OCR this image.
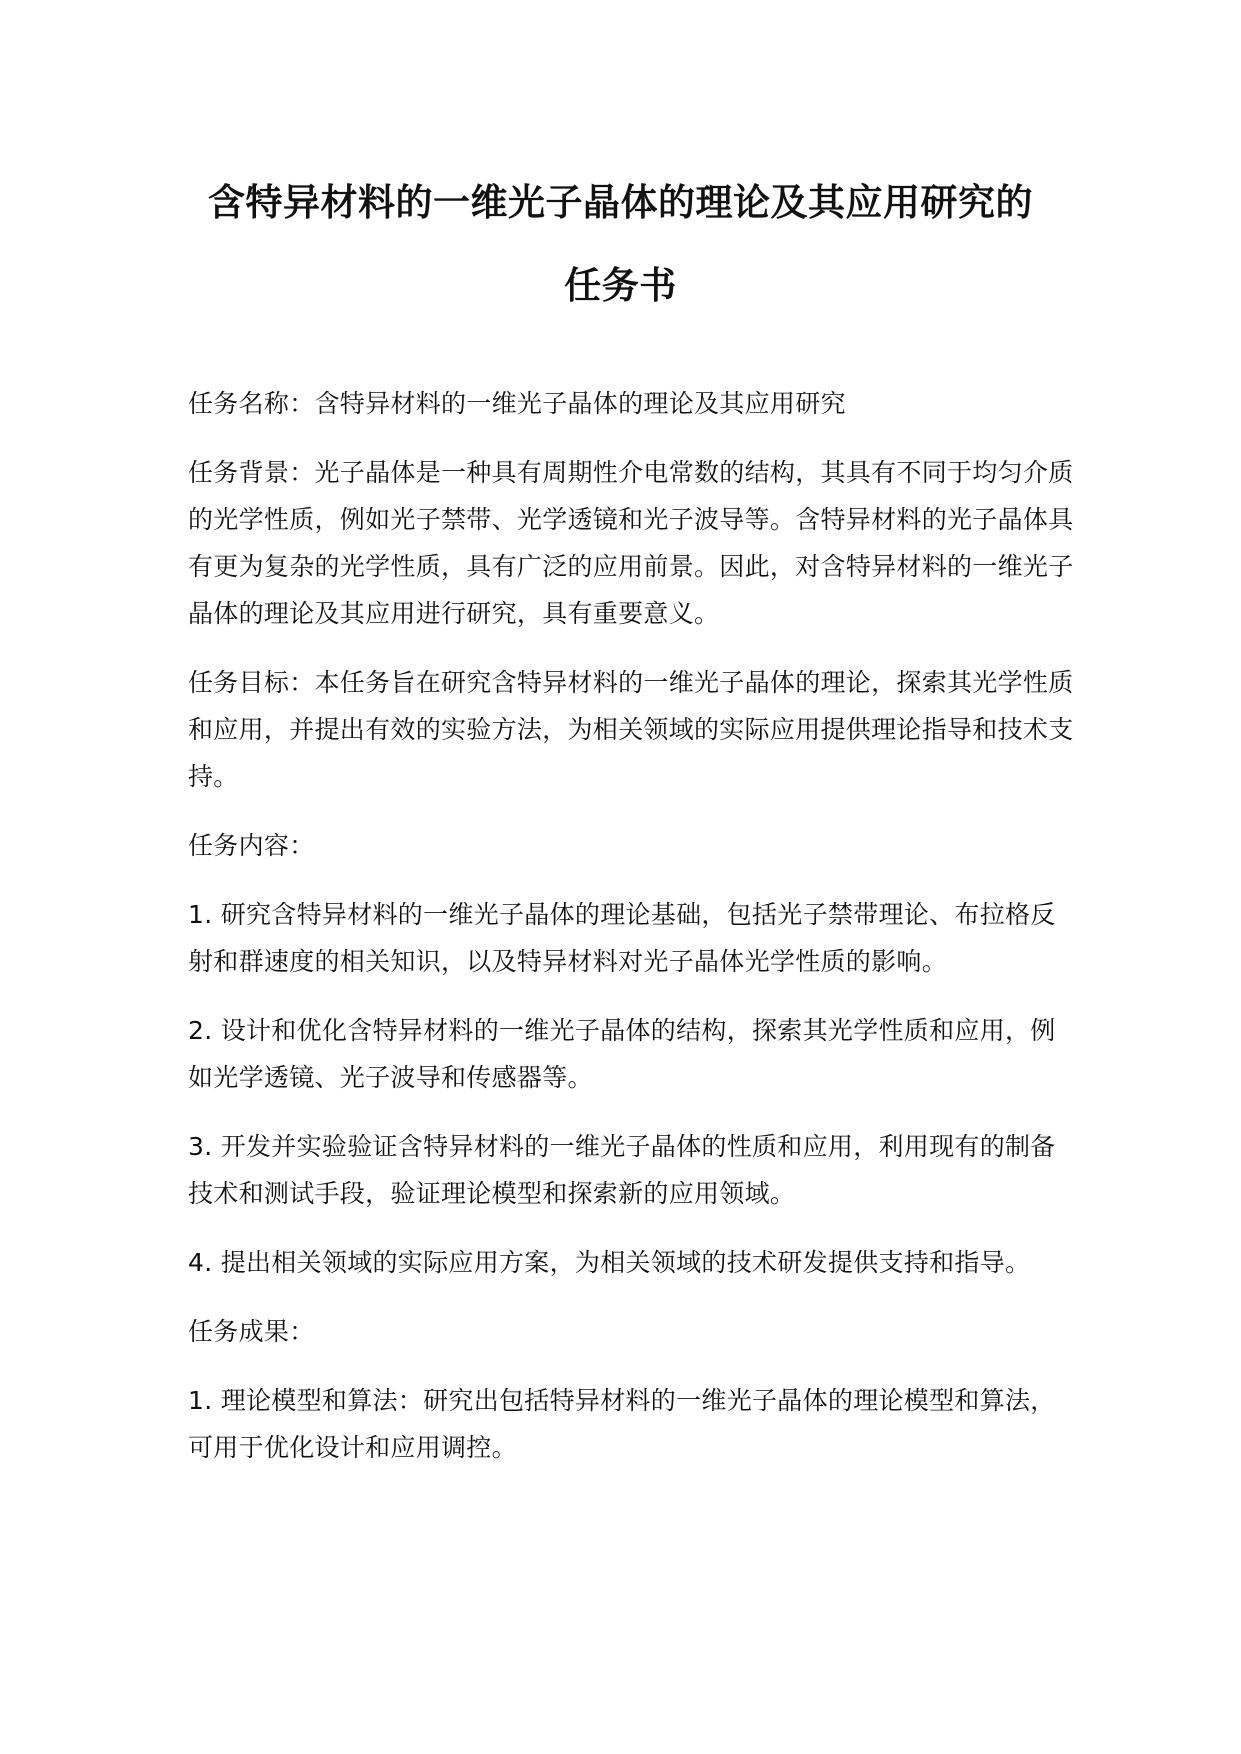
含特异材料的一维光子晶体的理论及其应用研究的
任务书

任务名称：含特异材料的一维光子晶体的理论及其应用研究

任务背景：光子晶体是一种具有周期性介电常数的结构，其具有不同于均匀介质的光学性质，例如光子禁带、光学透镜和光子波导等。含特异材料的光子晶体具有更为复杂的光学性质，具有广泛的应用前景。因此，对含特异材料的一维光子晶体的理论及其应用进行研究，具有重要意义。

任务目标：本任务旨在研究含特异材料的一维光子晶体的理论，探索其光学性质和应用，并提出有效的实验方法，为相关领域的实际应用提供理论指导和技术支持。

任务内容：

1. 研究含特异材料的一维光子晶体的理论基础，包括光子禁带理论、布拉格反射和群速度的相关知识，以及特异材料对光子晶体光学性质的影响。

2. 设计和优化含特异材料的一维光子晶体的结构，探索其光学性质和应用，例如光学透镜、光子波导和传感器等。

3. 开发并实验验证含特异材料的一维光子晶体的性质和应用，利用现有的制备技术和测试手段，验证理论模型和探索新的应用领域。

4. 提出相关领域的实际应用方案，为相关领域的技术研发提供支持和指导。

任务成果：

1. 理论模型和算法：研究出包括特异材料的一维光子晶体的理论模型和算法，可用于优化设计和应用调控。
